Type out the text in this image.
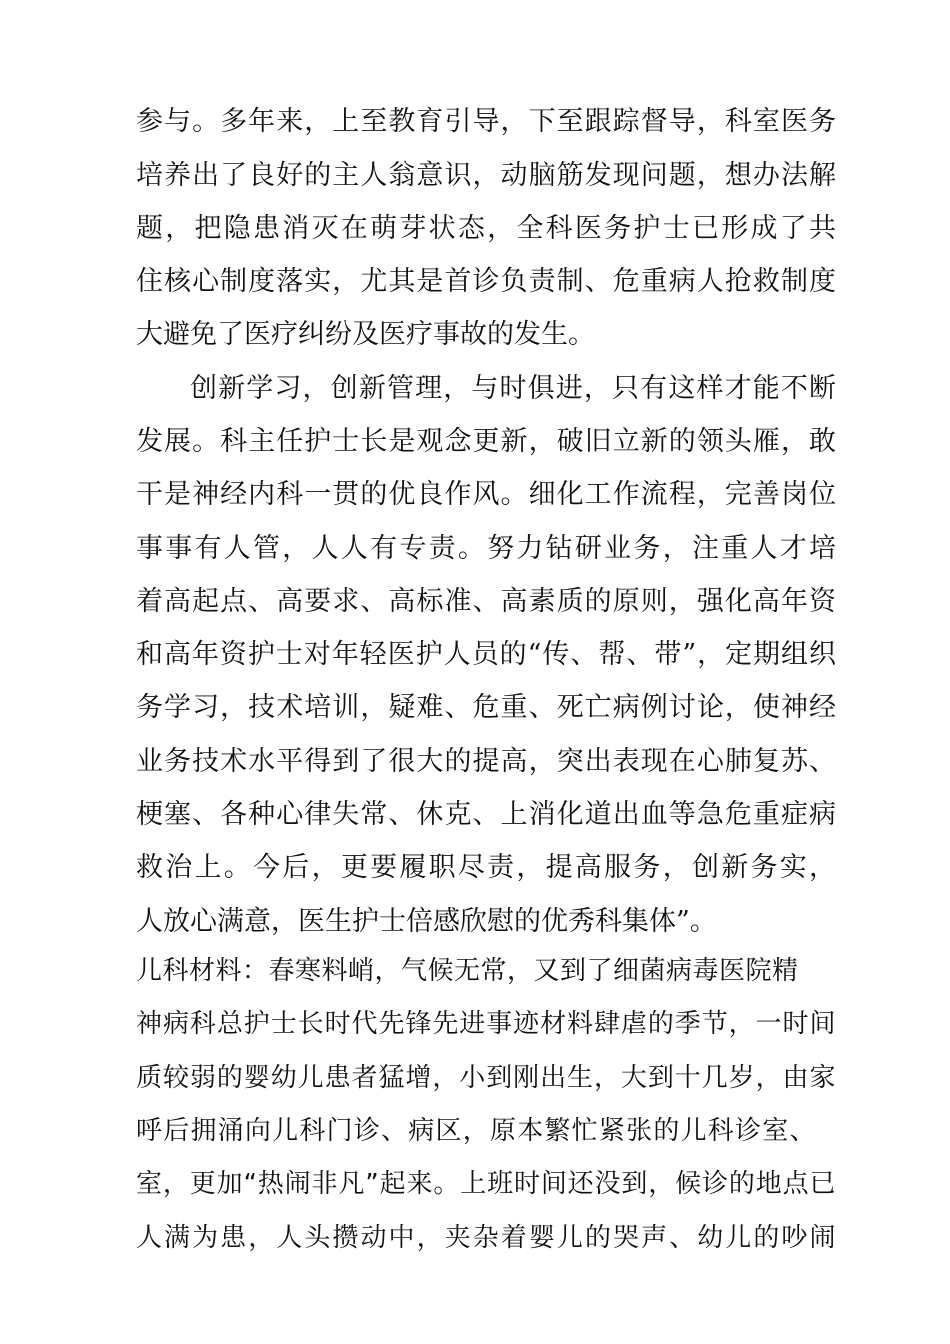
参与。多年来，上至教育引导，下至跟踪督导，科室医务
培养出了良好的主人翁意识，动脑筋发现问题，想办法解
题，把隐患消灭在萌芽状态，全科医务护士已形成了共
住核心制度落实，尤其是首诊负责制、危重病人抢救制度
大避免了医疗纠纷及医疗事故的发生。
创新学习，创新管理，与时俱进，只有这样才能不断
发展。科主任护士长是观念更新，破旧立新的领头雁，敢
干是神经内科一贯的优良作风。细化工作流程，完善岗位
事事有人管，人人有专责。努力钻研业务，注重人才培
着高起点、高要求、高标准、高素质的原则，强化高年资
和高年资护士对年轻医护人员的“传、帮、带”，定期组织
务学习，技术培训，疑难、危重、死亡病例讨论，使神经
业务技术水平得到了很大的提高，突出表现在心肺复苏、
梗塞、各种心律失常、休克、上消化道出血等急危重症病
救治上。今后，更要履职尽责，提高服务，创新务实，
人放心满意，医生护士倍感欣慰的优秀科集体”。
儿科材料：春寒料峭，气候无常，又到了细菌病毒医院精
神病科总护士长时代先锋先进事迹材料肆虐的季节，一时间
质较弱的婴幼儿患者猛增，小到刚出生，大到十几岁，由家
呼后拥涌向儿科门诊、病区，原本繁忙紧张的儿科诊室、
室，更加“热闹非凡”起来。上班时间还没到，候诊的地点已
人满为患，人头攒动中，夹杂着婴儿的哭声、幼儿的吵闹
